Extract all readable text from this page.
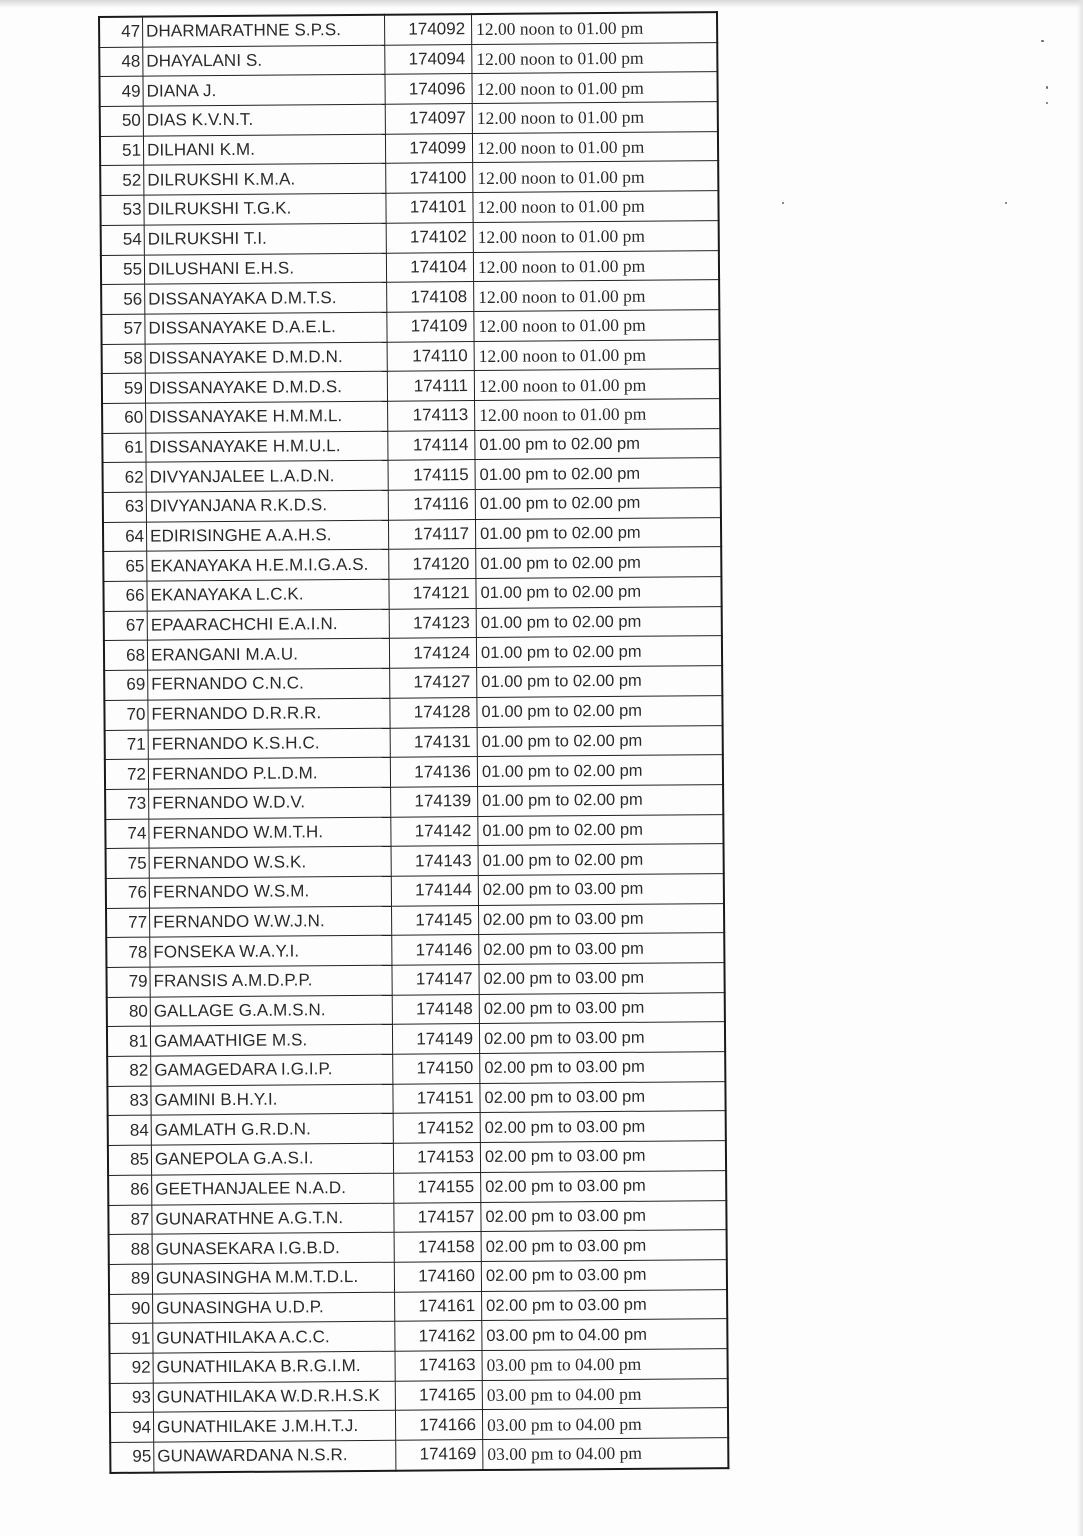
47	DHARMARATHNE S.P.S.	174092	12.00 noon to 01.00 pm
48	DHAYALANI S.	174094	12.00 noon to 01.00 pm
49	DIANA J.	174096	12.00 noon to 01.00 pm
50	DIAS K.V.N.T.	174097	12.00 noon to 01.00 pm
51	DILHANI K.M.	174099	12.00 noon to 01.00 pm
52	DILRUKSHI K.M.A.	174100	12.00 noon to 01.00 pm
53	DILRUKSHI T.G.K.	174101	12.00 noon to 01.00 pm
54	DILRUKSHI T.I.	174102	12.00 noon to 01.00 pm
55	DILUSHANI E.H.S.	174104	12.00 noon to 01.00 pm
56	DISSANAYAKA D.M.T.S.	174108	12.00 noon to 01.00 pm
57	DISSANAYAKE D.A.E.L.	174109	12.00 noon to 01.00 pm
58	DISSANAYAKE D.M.D.N.	174110	12.00 noon to 01.00 pm
59	DISSANAYAKE D.M.D.S.	174111	12.00 noon to 01.00 pm
60	DISSANAYAKE H.M.M.L.	174113	12.00 noon to 01.00 pm
61	DISSANAYAKE H.M.U.L.	174114	01.00 pm to 02.00 pm
62	DIVYANJALEE L.A.D.N.	174115	01.00 pm to 02.00 pm
63	DIVYANJANA R.K.D.S.	174116	01.00 pm to 02.00 pm
64	EDIRISINGHE A.A.H.S.	174117	01.00 pm to 02.00 pm
65	EKANAYAKA H.E.M.I.G.A.S.	174120	01.00 pm to 02.00 pm
66	EKANAYAKA L.C.K.	174121	01.00 pm to 02.00 pm
67	EPAARACHCHI E.A.I.N.	174123	01.00 pm to 02.00 pm
68	ERANGANI M.A.U.	174124	01.00 pm to 02.00 pm
69	FERNANDO C.N.C.	174127	01.00 pm to 02.00 pm
70	FERNANDO D.R.R.R.	174128	01.00 pm to 02.00 pm
71	FERNANDO K.S.H.C.	174131	01.00 pm to 02.00 pm
72	FERNANDO P.L.D.M.	174136	01.00 pm to 02.00 pm
73	FERNANDO W.D.V.	174139	01.00 pm to 02.00 pm
74	FERNANDO W.M.T.H.	174142	01.00 pm to 02.00 pm
75	FERNANDO W.S.K.	174143	01.00 pm to 02.00 pm
76	FERNANDO W.S.M.	174144	02.00 pm to 03.00 pm
77	FERNANDO W.W.J.N.	174145	02.00 pm to 03.00 pm
78	FONSEKA W.A.Y.I.	174146	02.00 pm to 03.00 pm
79	FRANSIS A.M.D.P.P.	174147	02.00 pm to 03.00 pm
80	GALLAGE G.A.M.S.N.	174148	02.00 pm to 03.00 pm
81	GAMAATHIGE M.S.	174149	02.00 pm to 03.00 pm
82	GAMAGEDARA I.G.I.P.	174150	02.00 pm to 03.00 pm
83	GAMINI B.H.Y.I.	174151	02.00 pm to 03.00 pm
84	GAMLATH G.R.D.N.	174152	02.00 pm to 03.00 pm
85	GANEPOLA G.A.S.I.	174153	02.00 pm to 03.00 pm
86	GEETHANJALEE N.A.D.	174155	02.00 pm to 03.00 pm
87	GUNARATHNE A.G.T.N.	174157	02.00 pm to 03.00 pm
88	GUNASEKARA I.G.B.D.	174158	02.00 pm to 03.00 pm
89	GUNASINGHA M.M.T.D.L.	174160	02.00 pm to 03.00 pm
90	GUNASINGHA U.D.P.	174161	02.00 pm to 03.00 pm
91	GUNATHILAKA A.C.C.	174162	03.00 pm to 04.00 pm
92	GUNATHILAKA B.R.G.I.M.	174163	03.00 pm to 04.00 pm
93	GUNATHILAKA W.D.R.H.S.K	174165	03.00 pm to 04.00 pm
94	GUNATHILAKE J.M.H.T.J.	174166	03.00 pm to 04.00 pm
95	GUNAWARDANA N.S.R.	174169	03.00 pm to 04.00 pm
